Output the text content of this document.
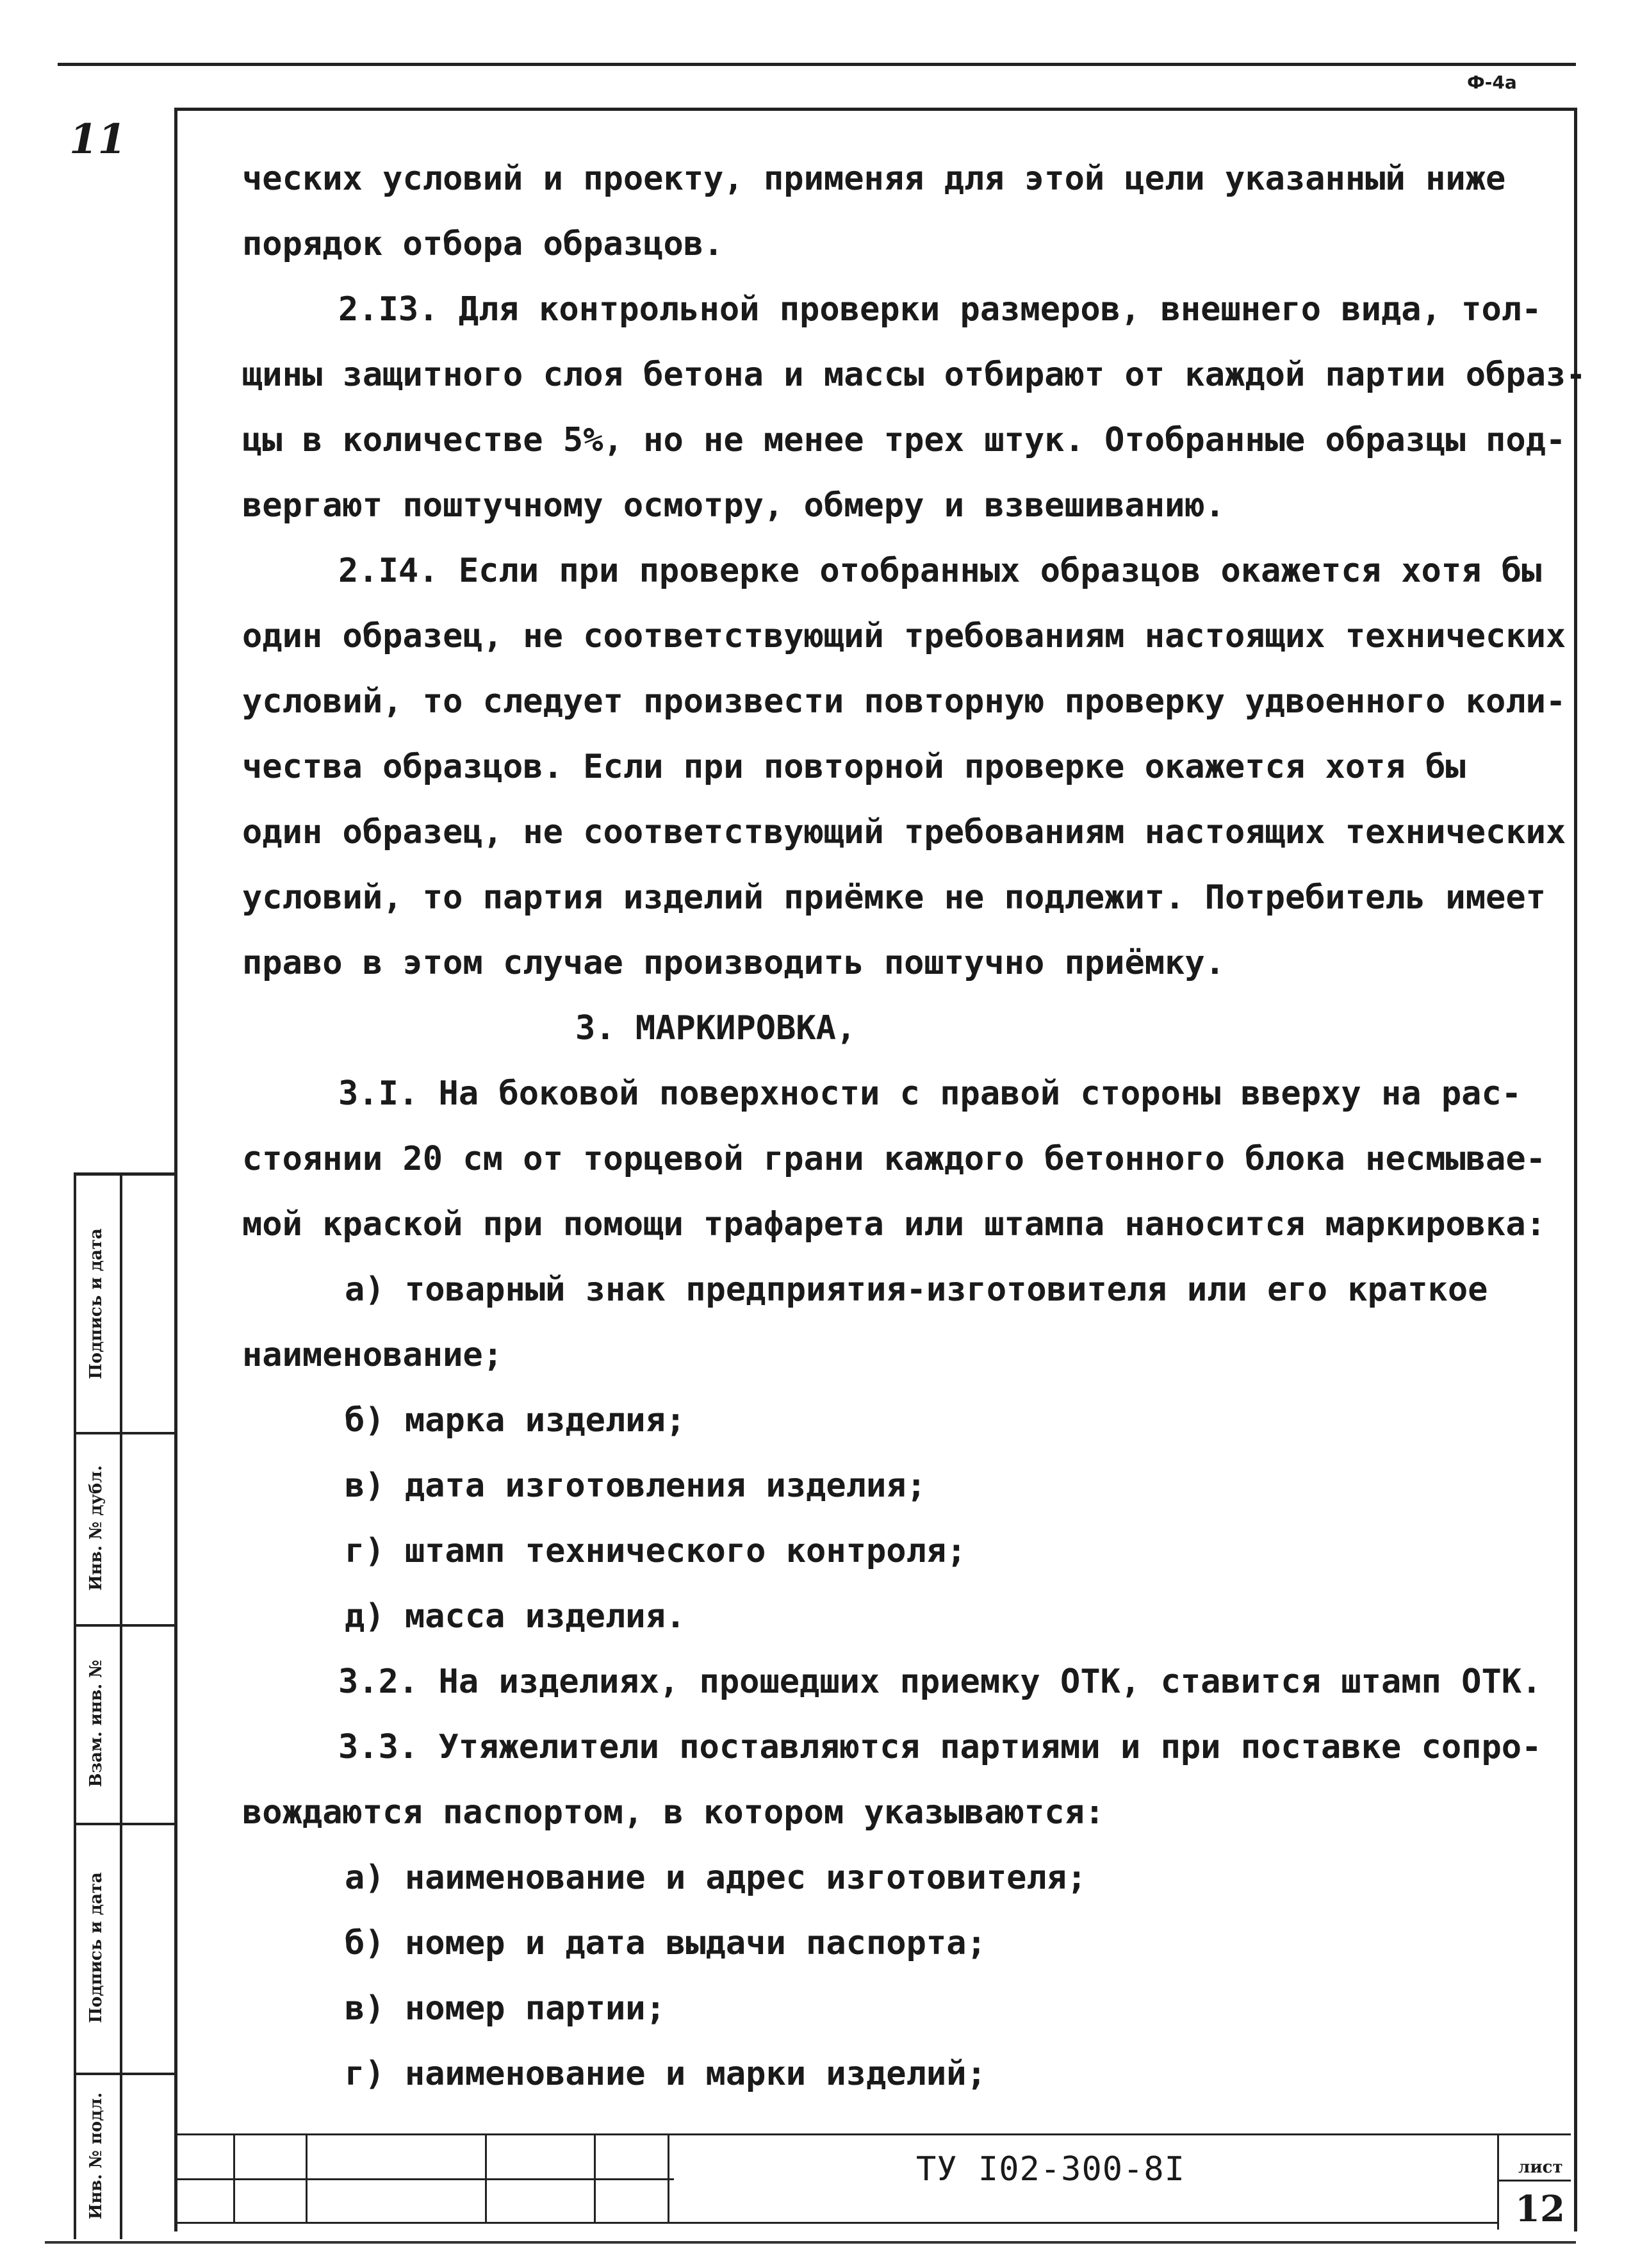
Ф-4а
11
ческих условий и проекту, применяя для этой цели указанный ниже
порядок отбора образцов.
2.I3. Для контрольной проверки размеров, внешнего вида, тол-
щины защитного слоя бетона и массы отбирают от каждой партии образ-
цы в количестве 5%, но не менее трех штук. Отобранные образцы под-
вергают поштучному осмотру, обмеру и взвешиванию.
2.I4. Если при проверке отобранных образцов окажется хотя бы
один образец, не соответствующий требованиям настоящих технических
условий, то следует произвести повторную проверку удвоенного коли-
чества образцов. Если при повторной проверке окажется хотя бы
один образец, не соответствующий требованиям настоящих технических
условий, то партия изделий приёмке не подлежит. Потребитель имеет
право в этом случае производить поштучно приёмку.
3. МАРКИРОВКА,
3.I. На боковой поверхности с правой стороны вверху на рас-
стоянии 20 см от торцевой грани каждого бетонного блока несмывае-
мой краской при помощи трафарета или штампа наносится маркировка:
а) товарный знак предприятия-изготовителя или его краткое
наименование;
б) марка изделия;
в) дата изготовления изделия;
г) штамп технического контроля;
д) масса изделия.
3.2. На изделиях, прошедших приемку ОТК, ставится штамп ОТК.
3.3. Утяжелители поставляются партиями и при поставке сопро-
вождаются паспортом, в котором указываются:
а) наименование и адрес изготовителя;
б) номер и дата выдачи паспорта;
в) номер партии;
г) наименование и марки изделий;
Подпись и дата
Инв. № дубл.
Взам. инв. №
Подпись и дата
Инв. № подл.	ТУ I02-300-8I	лист
12
